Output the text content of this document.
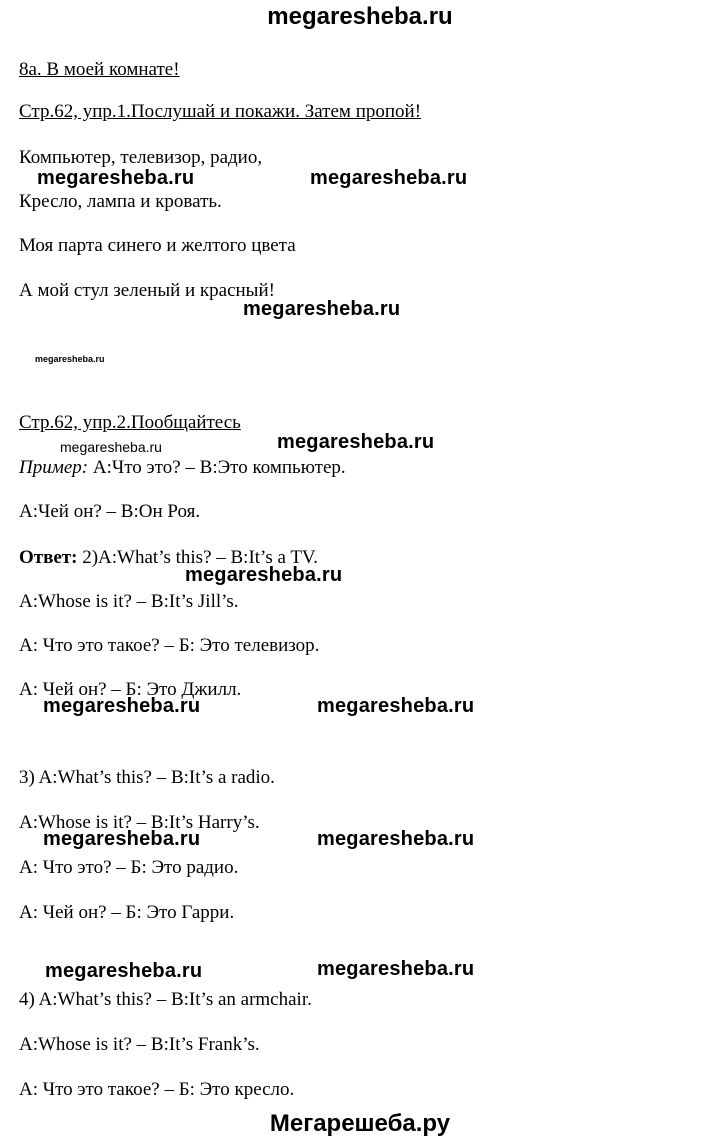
megaresheba.ru
8a. В моей комнате!
Стр.62, упр.1.Послушай и покажи. Затем пропой!
Компьютер, телевизор, радио,
Кресло, лампа и кровать.
Моя парта синего и желтого цвета
А мой стул зеленый и красный!
Стр.62, упр.2.Пообщайтесь
Пример: А:Что это? – В:Это компьютер.
А:Чей он? – В:Он Роя.
Ответ: 2)A:What’s this? – B:It’s a TV.
A:Whose is it? – B:It’s Jill’s.
А: Что это такое? – Б: Это телевизор.
А: Чей он? – Б: Это Джилл.
3) A:What’s this? – B:It’s a radio.
A:Whose is it? – B:It’s Harry’s.
А: Что это? – Б: Это радио.
А: Чей он? – Б: Это Гарри.
4) A:What’s this? – B:It’s an armchair.
A:Whose is it? – B:It’s Frank’s.
А: Что это такое? – Б: Это кресло.
megaresheba.ru	megaresheba.ru
megaresheba.ru
megaresheba.ru
megaresheba.ru	megaresheba.ru
megaresheba.ru
megaresheba.ru	megaresheba.ru
megaresheba.ru	megaresheba.ru
megaresheba.ru	megaresheba.ru
Мегарешеба.ру
